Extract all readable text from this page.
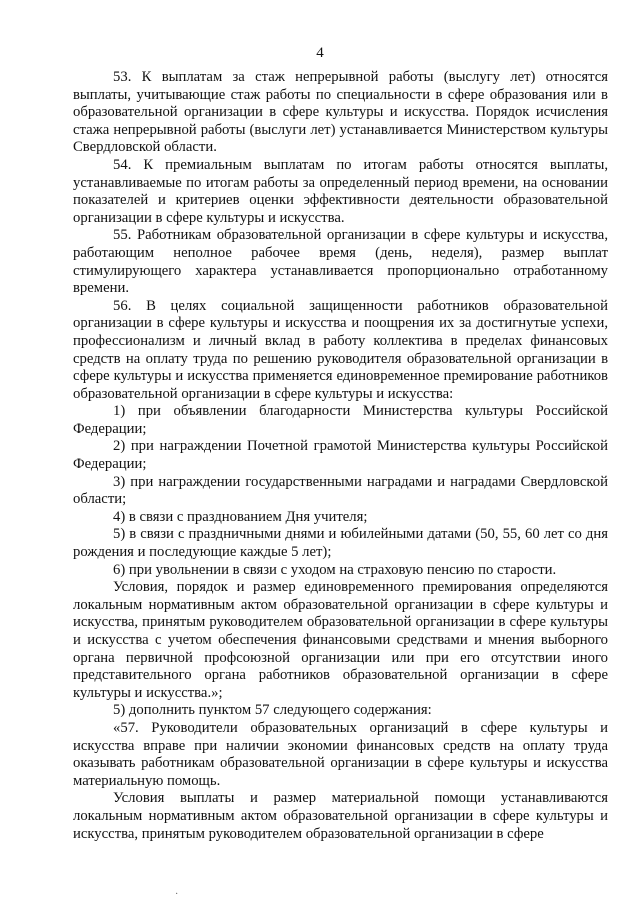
4

53. К выплатам за стаж непрерывной работы (выслугу лет) относятся выплаты, учитывающие стаж работы по специальности в сфере образования или в образовательной организации в сфере культуры и искусства. Порядок исчисления стажа непрерывной работы (выслуги лет) устанавливается Министерством культуры Свердловской области.

54. К премиальным выплатам по итогам работы относятся выплаты, устанавливаемые по итогам работы за определенный период времени, на основании показателей и критериев оценки эффективности деятельности образовательной организации в сфере культуры и искусства.

55. Работникам образовательной организации в сфере культуры и искусства, работающим неполное рабочее время (день, неделя), размер выплат стимулирующего характера устанавливается пропорционально отработанному времени.

56. В целях социальной защищенности работников образовательной организации в сфере культуры и искусства и поощрения их за достигнутые успехи, профессионализм и личный вклад в работу коллектива в пределах финансовых средств на оплату труда по решению руководителя образовательной организации в сфере культуры и искусства применяется единовременное премирование работников образовательной организации в сфере культуры и искусства:

1) при объявлении благодарности Министерства культуры Российской Федерации;

2) при награждении Почетной грамотой Министерства культуры Российской Федерации;

3) при награждении государственными наградами и наградами Свердловской области;

4) в связи с празднованием Дня учителя;

5) в связи с праздничными днями и юбилейными датами (50, 55, 60 лет со дня рождения и последующие каждые 5 лет);

6) при увольнении в связи с уходом на страховую пенсию по старости.

Условия, порядок и размер единовременного премирования определяются локальным нормативным актом образовательной организации в сфере культуры и искусства, принятым руководителем образовательной организации в сфере культуры и искусства с учетом обеспечения финансовыми средствами и мнения выборного органа первичной профсоюзной организации или при его отсутствии иного представительного органа работников образовательной организации в сфере культуры и искусства.»;

5) дополнить пунктом 57 следующего содержания:

«57. Руководители образовательных организаций в сфере культуры и искусства вправе при наличии экономии финансовых средств на оплату труда оказывать работникам образовательной организации в сфере культуры и искусства материальную помощь.

Условия выплаты и размер материальной помощи устанавливаются локальным нормативным актом образовательной организации в сфере культуры и искусства, принятым руководителем образовательной организации в сфере

·
